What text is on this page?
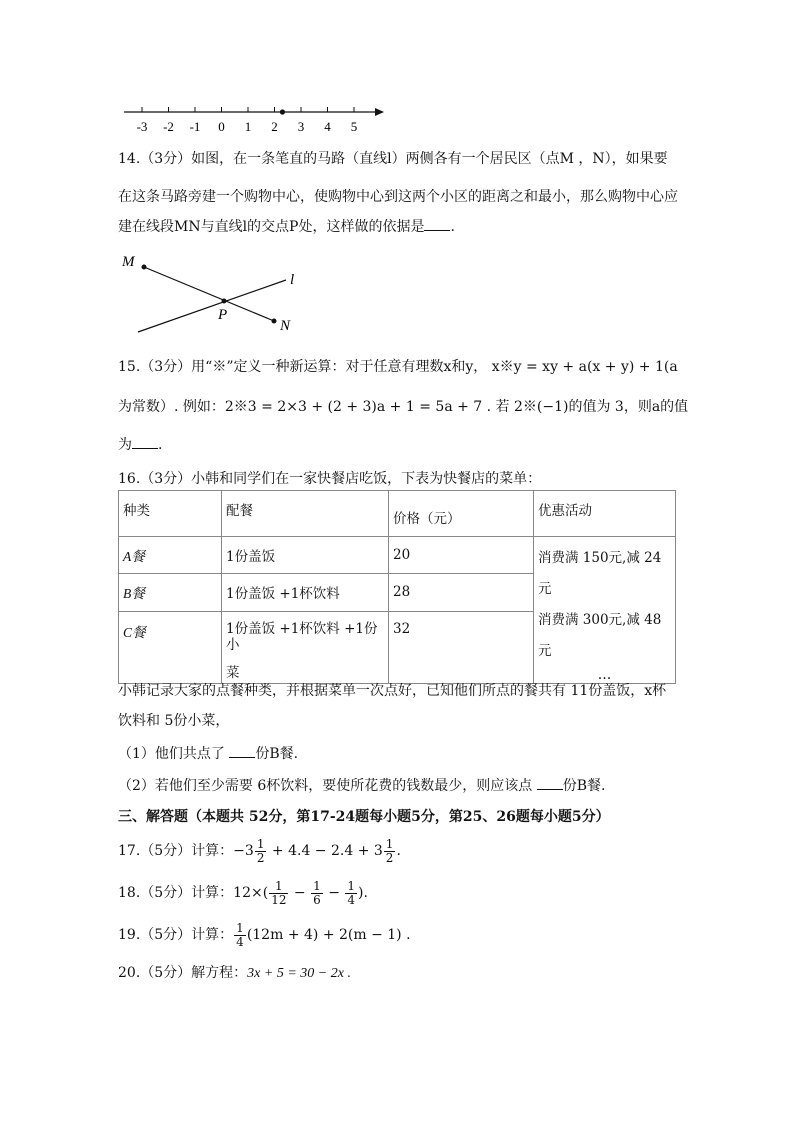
-3 -2 -1 0 1 2 3 4 5
14.（3分）如图，在一条笔直的马路（直线l）两侧各有一个居民区（点M ，N），如果要
在这条马路旁建一个购物中心，使购物中心到这两个小区的距离之和最小，那么购物中心应
建在线段MN与直线l的交点P处，这样做的依据是 .
M
N
P
l
15.（3分）用“※”定义一种新运算：对于任意有理数x和y， x※y = xy + a(x + y) + 1(a
为常数）. 例如：2※3 = 2×3 + (2 + 3)a + 1 = 5a + 7 . 若 2※(−1)的值为 3，则a的值
为 .
16.（3分）小韩和同学们在一家快餐店吃饭，下表为快餐店的菜单：
种类	配餐	价格（元）	优惠活动
A餐	1份盖饭	20	消费满 150元,减 24元
消费满 300元,减 48元
…

B餐	1份盖饭 +1杯饮料	28	
C餐	1份盖饭 +1杯饮料 +1份小
菜	32	
小韩记录大家的点餐种类，并根据菜单一次点好，已知他们所点的餐共有 11份盖饭，x杯
饮料和 5份小菜，
（1）他们共点了 份B餐.
（2）若他们至少需要 6杯饮料，要使所花费的钱数最少，则应该点 份B餐.
三、解答题（本题共 52分，第17-24题每小题5分，第25、26题每小题5分）
17.（5分）计算：$-3 \frac{1}{2} + 4.4 - 2.4 + 3 \frac{1}{2}$ .
18.（5分）计算：$12\times( \frac{1}{12} - \frac{1}{6} - \frac{1}{4}$ ).
19.（5分）计算： $\frac{1}{4} (12m + 4) + 2(m - 1)$ .
20.（5分）解方程：3x + 5 = 30 − 2x .
